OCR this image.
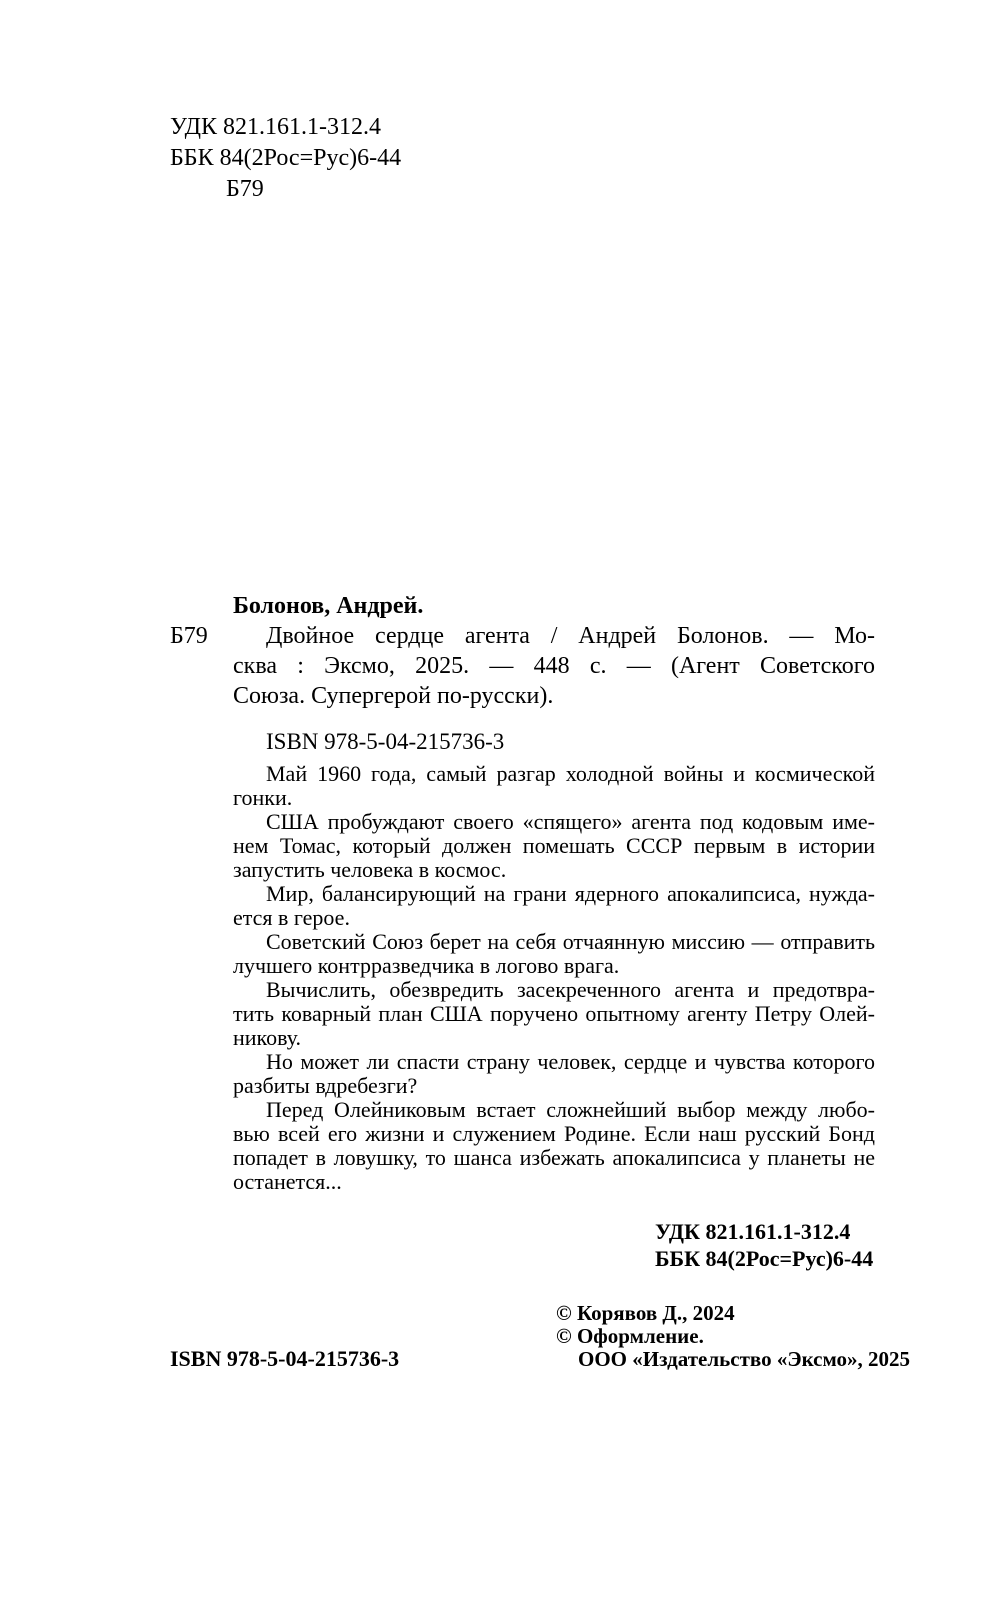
УДК 821.161.1-312.4
ББК 84(2Рос=Рус)6-44
Б79
Болонов, Андрей.
Б79	Двойное сердце агента / Андрей Болонов. — Мо-
сква : Эксмо, 2025. — 448 с. — (Агент Советского
Союза. Супергерой по-русски).
ISBN 978-5-04-215736-3
Май 1960 года, самый разгар холодной войны и космической
гонки.
США пробуждают своего «спящего» агента под кодовым име-
нем Томас, который должен помешать СССР первым в истории
запустить человека в космос.
Мир, балансирующий на грани ядерного апокалипсиса, нужда-
ется в герое.
Советский Союз берет на себя отчаянную миссию — отправить
лучшего контрразведчика в логово врага.
Вычислить, обезвредить засекреченного агента и предотвра-
тить коварный план США поручено опытному агенту Петру Олей-
никову.
Но может ли спасти страну человек, сердце и чувства которого
разбиты вдребезги?
Перед Олейниковым встает сложнейший выбор между любо-
вью всей его жизни и служением Родине. Если наш русский Бонд
попадет в ловушку, то шанса избежать апокалипсиса у планеты не
останется...
УДК 821.161.1-312.4
ББК 84(2Рос=Рус)6-44
© Корявов Д., 2024
© Оформление.
ООО «Издательство «Эксмо», 2025
ISBN 978-5-04-215736-3
